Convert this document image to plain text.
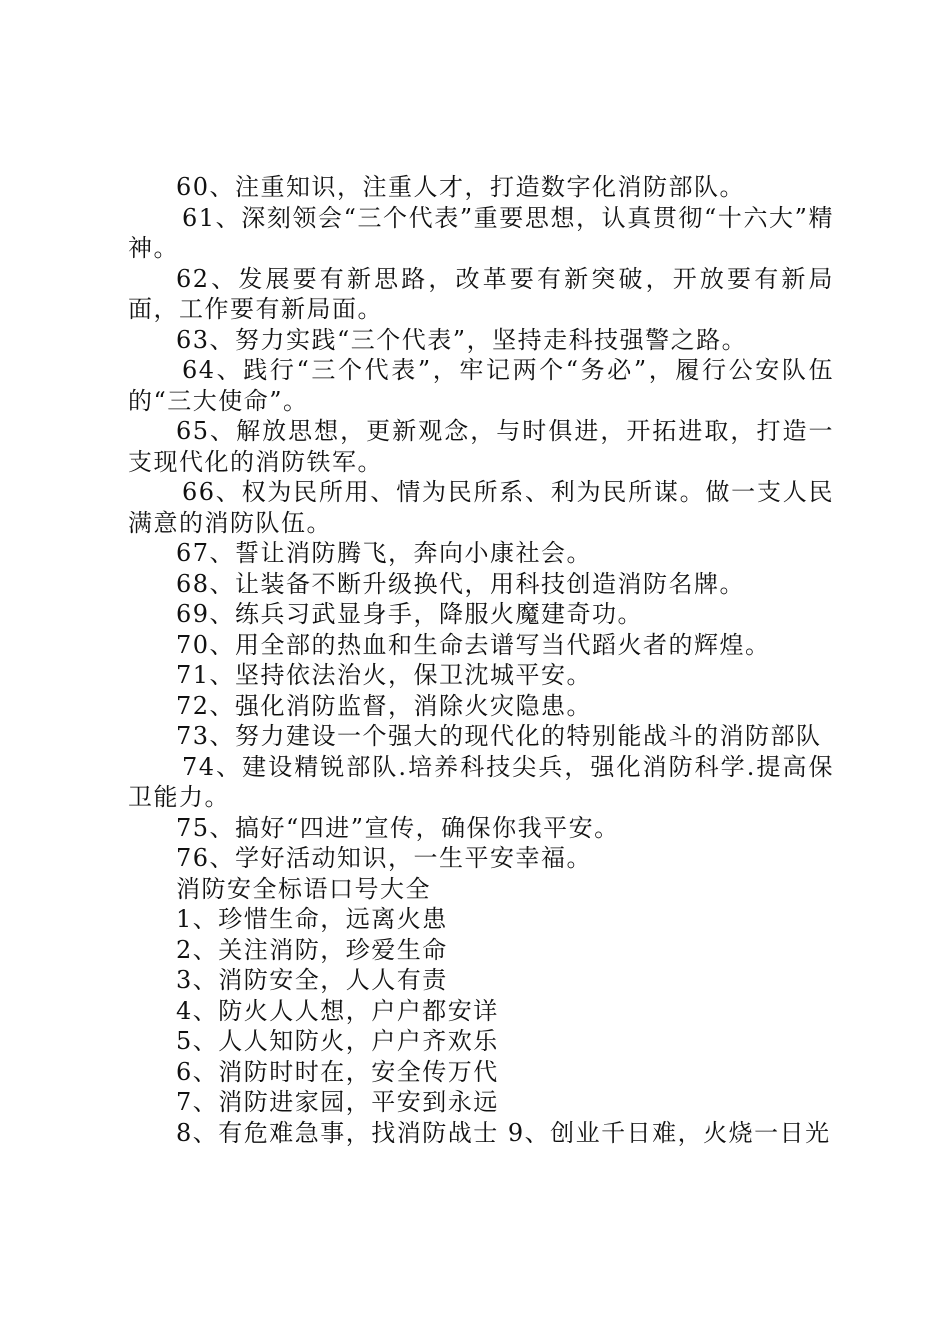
60、注重知识，注重人才，打造数字化消防部队。

61、深刻领会“三个代表”重要思想，认真贯彻“十六大”精神。

62、发展要有新思路，改革要有新突破，开放要有新局面，工作要有新局面。

63、努力实践“三个代表”，坚持走科技强警之路。

64、践行“三个代表”，牢记两个“务必”，履行公安队伍的“三大使命”。

65、解放思想，更新观念，与时俱进，开拓进取，打造一支现代化的消防铁军。

66、权为民所用、情为民所系、利为民所谋。做一支人民满意的消防队伍。

67、誓让消防腾飞，奔向小康社会。

68、让装备不断升级换代，用科技创造消防名牌。

69、练兵习武显身手，降服火魔建奇功。

70、用全部的热血和生命去谱写当代蹈火者的辉煌。

71、坚持依法治火，保卫沈城平安。

72、强化消防监督，消除火灾隐患。

73、努力建设一个强大的现代化的特别能战斗的消防部队

74、建设精锐部队.培养科技尖兵，强化消防科学.提高保卫能力。

75、搞好“四进”宣传，确保你我平安。

76、学好活动知识，一生平安幸福。

消防安全标语口号大全

1、珍惜生命，远离火患

2、关注消防，珍爱生命

3、消防安全，人人有责

4、防火人人想，户户都安详

5、人人知防火，户户齐欢乐

6、消防时时在，安全传万代

7、消防进家园，平安到永远

8、有危难急事，找消防战士 9、创业千日难，火烧一日光
